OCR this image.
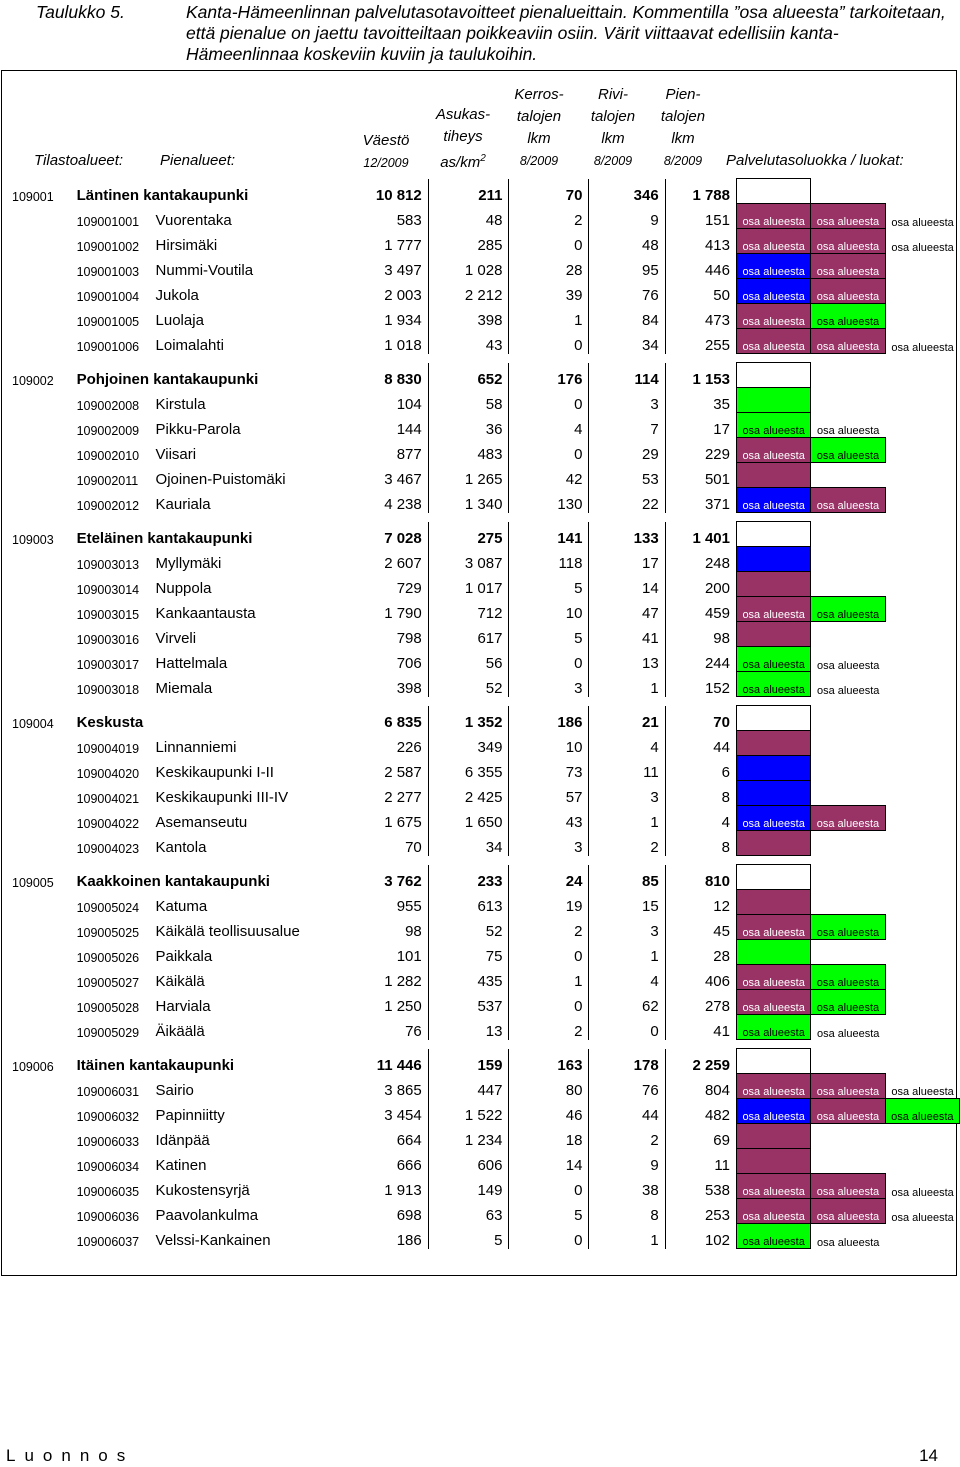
Taulukko 5.	Kanta-Hämeenlinnan palvelutasotavoitteet pienalueittain. Kommentilla ”osa alueesta” tarkoitetaan, että pienalue on jaettu tavoitteiltaan poikkeaviin osiin. Värit viittaavat edellisiin kanta-Hämeenlinnaa koskeviin kuviin ja taulukoihin.
Tilastoalueet: Pienalueet:
Väestö
12/2009
Asukas-
tiheys
$as/km^2$
Kerros-
talojen
lkm
8/2009
Rivi-
talojen
lkm
8/2009
Pien-
talojen
lkm
8/2009	Palvelutasoluokka / luokat:
109001	Läntinen kantakaupunki		10 812	211	70	346	1 788			
	109001001	Vuorentaka	583	48	2	9	151	osa alueesta	osa alueesta	osa alueesta
	109001002	Hirsimäki	1 777	285	0	48	413	osa alueesta	osa alueesta	osa alueesta
	109001003	Nummi-Voutila	3 497	1 028	28	95	446	osa alueesta	osa alueesta	
	109001004	Jukola	2 003	2 212	39	76	50	osa alueesta	osa alueesta	
	109001005	Luolaja	1 934	398	1	84	473	osa alueesta	osa alueesta	
	109001006	Loimalahti	1 018	43	0	34	255	osa alueesta	osa alueesta	osa alueesta

109002	Pohjoinen kantakaupunki		8 830	652	176	114	1 153			
	109002008	Kirstula	104	58	0	3	35			
	109002009	Pikku-Parola	144	36	4	7	17	osa alueesta	osa alueesta	
	109002010	Viisari	877	483	0	29	229	osa alueesta	osa alueesta	
	109002011	Ojoinen-Puistomäki	3 467	1 265	42	53	501			
	109002012	Kauriala	4 238	1 340	130	22	371	osa alueesta	osa alueesta	

109003	Eteläinen kantakaupunki		7 028	275	141	133	1 401			
	109003013	Myllymäki	2 607	3 087	118	17	248			
	109003014	Nuppola	729	1 017	5	14	200			
	109003015	Kankaantausta	1 790	712	10	47	459	osa alueesta	osa alueesta	
	109003016	Virveli	798	617	5	41	98			
	109003017	Hattelmala	706	56	0	13	244	osa alueesta	osa alueesta	
	109003018	Miemala	398	52	3	1	152	osa alueesta	osa alueesta	

109004	Keskusta		6 835	1 352	186	21	70			
	109004019	Linnanniemi	226	349	10	4	44			
	109004020	Keskikaupunki I-II	2 587	6 355	73	11	6			
	109004021	Keskikaupunki III-IV	2 277	2 425	57	3	8			
	109004022	Asemanseutu	1 675	1 650	43	1	4	osa alueesta	osa alueesta	
	109004023	Kantola	70	34	3	2	8			

109005	Kaakkoinen kantakaupunki		3 762	233	24	85	810			
	109005024	Katuma	955	613	19	15	12			
	109005025	Käikälä teollisuusalue	98	52	2	3	45	osa alueesta	osa alueesta	
	109005026	Paikkala	101	75	0	1	28			
	109005027	Käikälä	1 282	435	1	4	406	osa alueesta	osa alueesta	
	109005028	Harviala	1 250	537	0	62	278	osa alueesta	osa alueesta	
	109005029	Äikäälä	76	13	2	0	41	osa alueesta	osa alueesta	

109006	Itäinen kantakaupunki		11 446	159	163	178	2 259			
	109006031	Sairio	3 865	447	80	76	804	osa alueesta	osa alueesta	osa alueesta
	109006032	Papinniitty	3 454	1 522	46	44	482	osa alueesta	osa alueesta	osa alueesta
	109006033	Idänpää	664	1 234	18	2	69			
	109006034	Katinen	666	606	14	9	11			
	109006035	Kukostensyrjä	1 913	149	0	38	538	osa alueesta	osa alueesta	osa alueesta
	109006036	Paavolankulma	698	63	5	8	253	osa alueesta	osa alueesta	osa alueesta
	109006037	Velssi-Kankainen	186	5	0	1	102	osa alueesta	osa alueesta	
Luonnos	14
